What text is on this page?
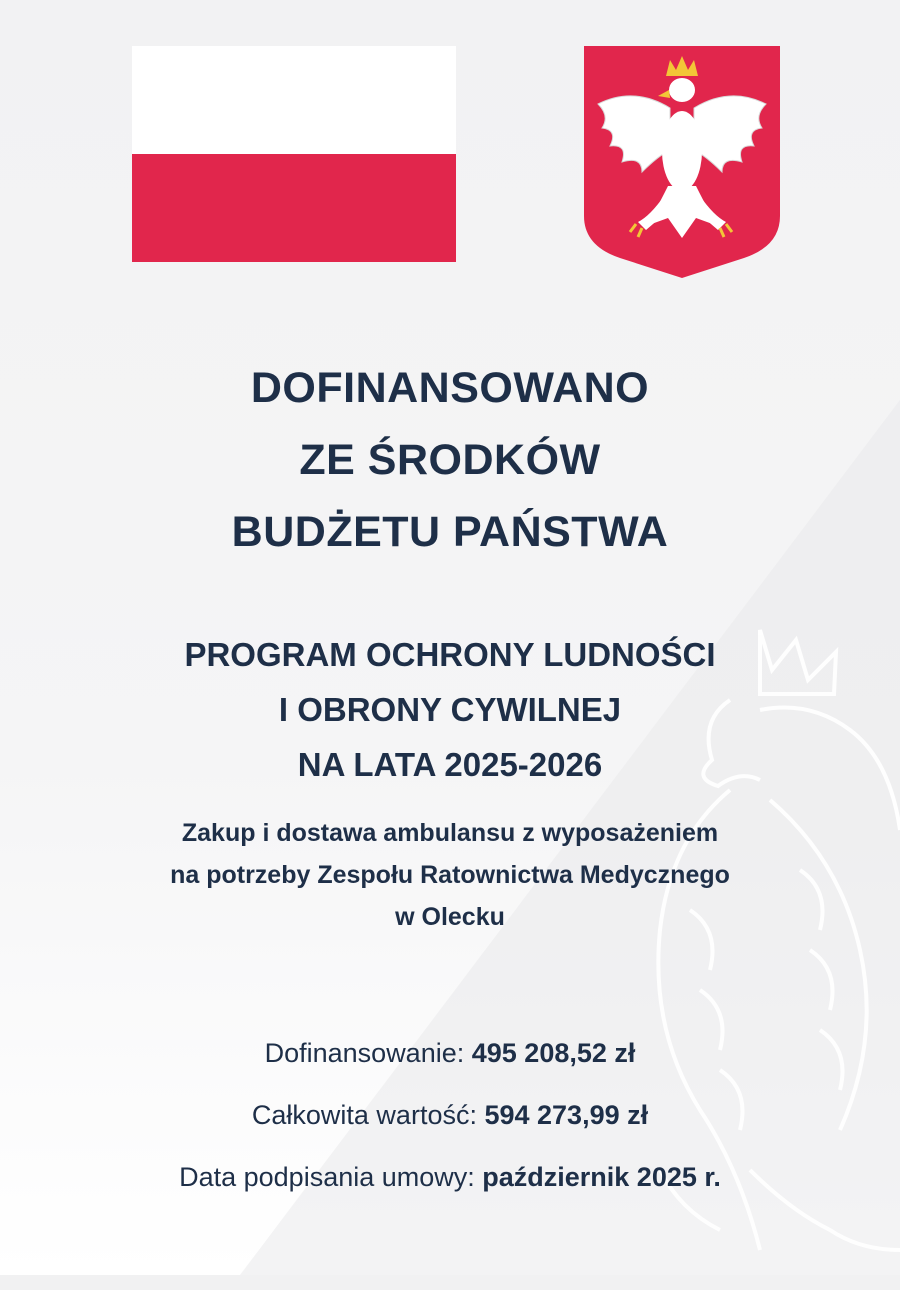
DOFINANSOWANO
ZE ŚRODKÓW
BUDŻETU PAŃSTWA
PROGRAM OCHRONY LUDNOŚCI
I OBRONY CYWILNEJ
NA LATA 2025-2026
Zakup i dostawa ambulansu z wyposażeniem
na potrzeby Zespołu Ratownictwa Medycznego
w Olecku
Dofinansowanie: 495 208,52 zł
Całkowita wartość: 594 273,99 zł
Data podpisania umowy: październik 2025 r.
